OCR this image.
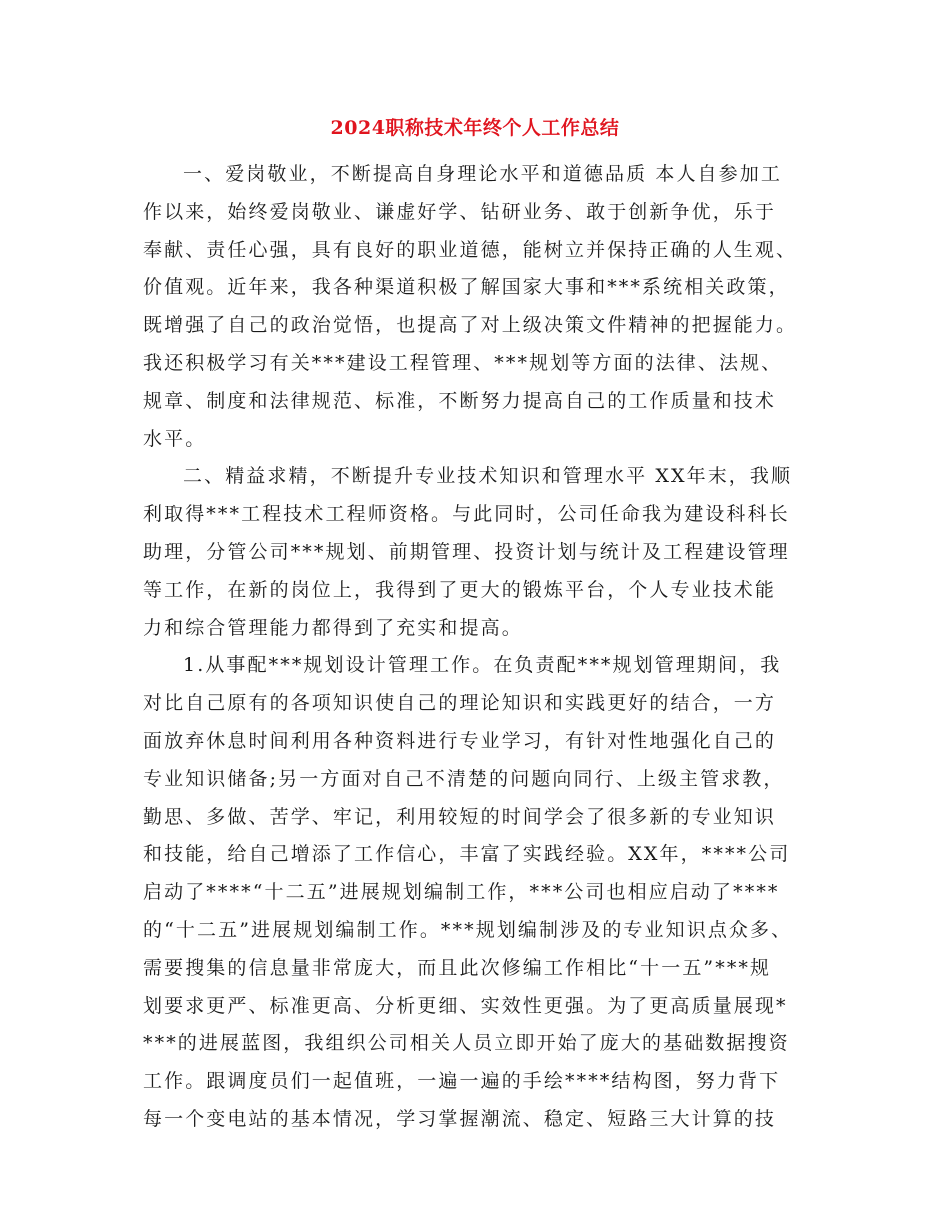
2024职称技术年终个人工作总结
一、爱岗敬业，不断提高自身理论水平和道德品质 本人自参加工
作以来，始终爱岗敬业、谦虚好学、钻研业务、敢于创新争优，乐于
奉献、责任心强，具有良好的职业道德，能树立并保持正确的人生观、
价值观。近年来，我各种渠道积极了解国家大事和***系统相关政策，
既增强了自己的政治觉悟，也提高了对上级决策文件精神的把握能力。
我还积极学习有关***建设工程管理、***规划等方面的法律、法规、
规章、制度和法律规范、标准，不断努力提高自己的工作质量和技术
水平。
二、精益求精，不断提升专业技术知识和管理水平 XX年末，我顺
利取得***工程技术工程师资格。与此同时，公司任命我为建设科科长
助理，分管公司***规划、前期管理、投资计划与统计及工程建设管理
等工作，在新的岗位上，我得到了更大的锻炼平台，个人专业技术能
力和综合管理能力都得到了充实和提高。
1.从事配***规划设计管理工作。在负责配***规划管理期间，我
对比自己原有的各项知识使自己的理论知识和实践更好的结合，一方
面放弃休息时间利用各种资料进行专业学习，有针对性地强化自己的
专业知识储备;另一方面对自己不清楚的问题向同行、上级主管求教，
勤思、多做、苦学、牢记，利用较短的时间学会了很多新的专业知识
和技能，给自己增添了工作信心，丰富了实践经验。XX年，****公司
启动了****“十二五”进展规划编制工作，***公司也相应启动了****
的“十二五”进展规划编制工作。***规划编制涉及的专业知识点众多、
需要搜集的信息量非常庞大，而且此次修编工作相比“十一五”***规
划要求更严、标准更高、分析更细、实效性更强。为了更高质量展现*
***的进展蓝图，我组织公司相关人员立即开始了庞大的基础数据搜资
工作。跟调度员们一起值班，一遍一遍的手绘****结构图，努力背下
每一个变电站的基本情况，学习掌握潮流、稳定、短路三大计算的技
